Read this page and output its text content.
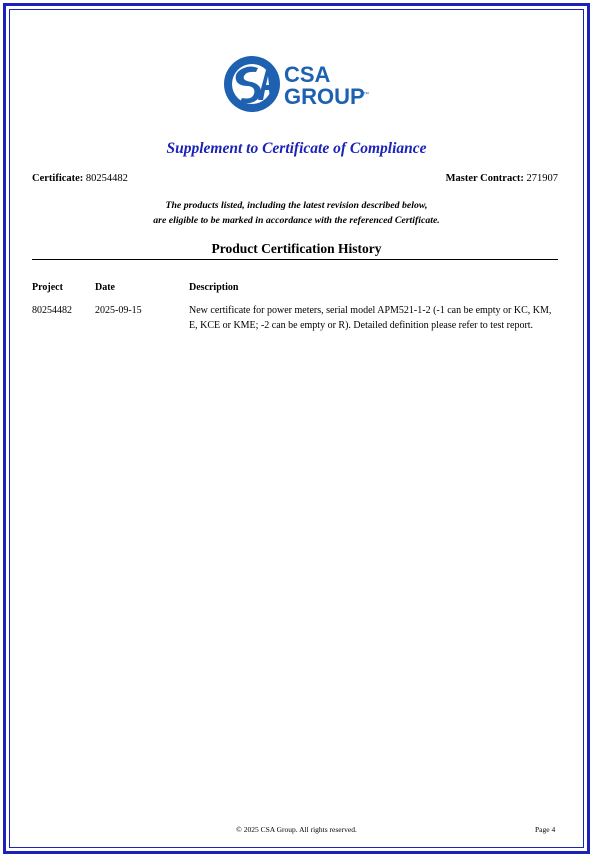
CSA
GROUP
™
Supplement to Certificate of Compliance
Certificate: 80254482	Master Contract: 271907
The products listed, including the latest revision described below,
are eligible to be marked in accordance with the referenced Certificate.
Product Certification History
Project	Date	Description
80254482 2025-09-15	New certificate for power meters, serial model APM521-1-2 (-1 can be empty or KC, KM,
E, KCE or KME; -2 can be empty or R). Detailed definition please refer to test report.
© 2025 CSA Group. All rights reserved.	Page 4
